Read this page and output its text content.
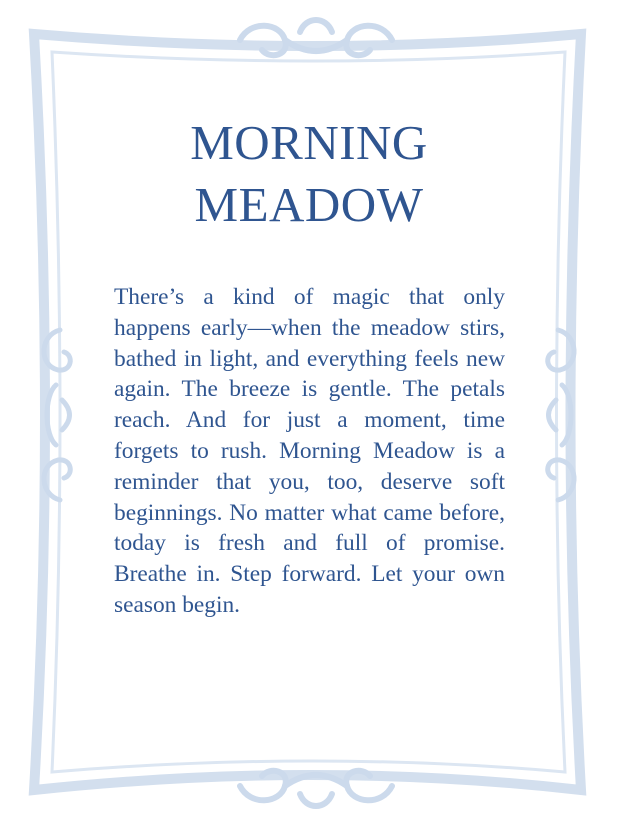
MORNING
MEADOW
There’s a kind of magic that only happens early—when the meadow stirs, bathed in light, and everything feels new again. The breeze is gentle. The petals reach. And for just a moment, time forgets to rush. Morning Meadow is a reminder that you, too, deserve soft beginnings. No matter what came before, today is fresh and full of promise. Breathe in. Step forward. Let your own season begin.
